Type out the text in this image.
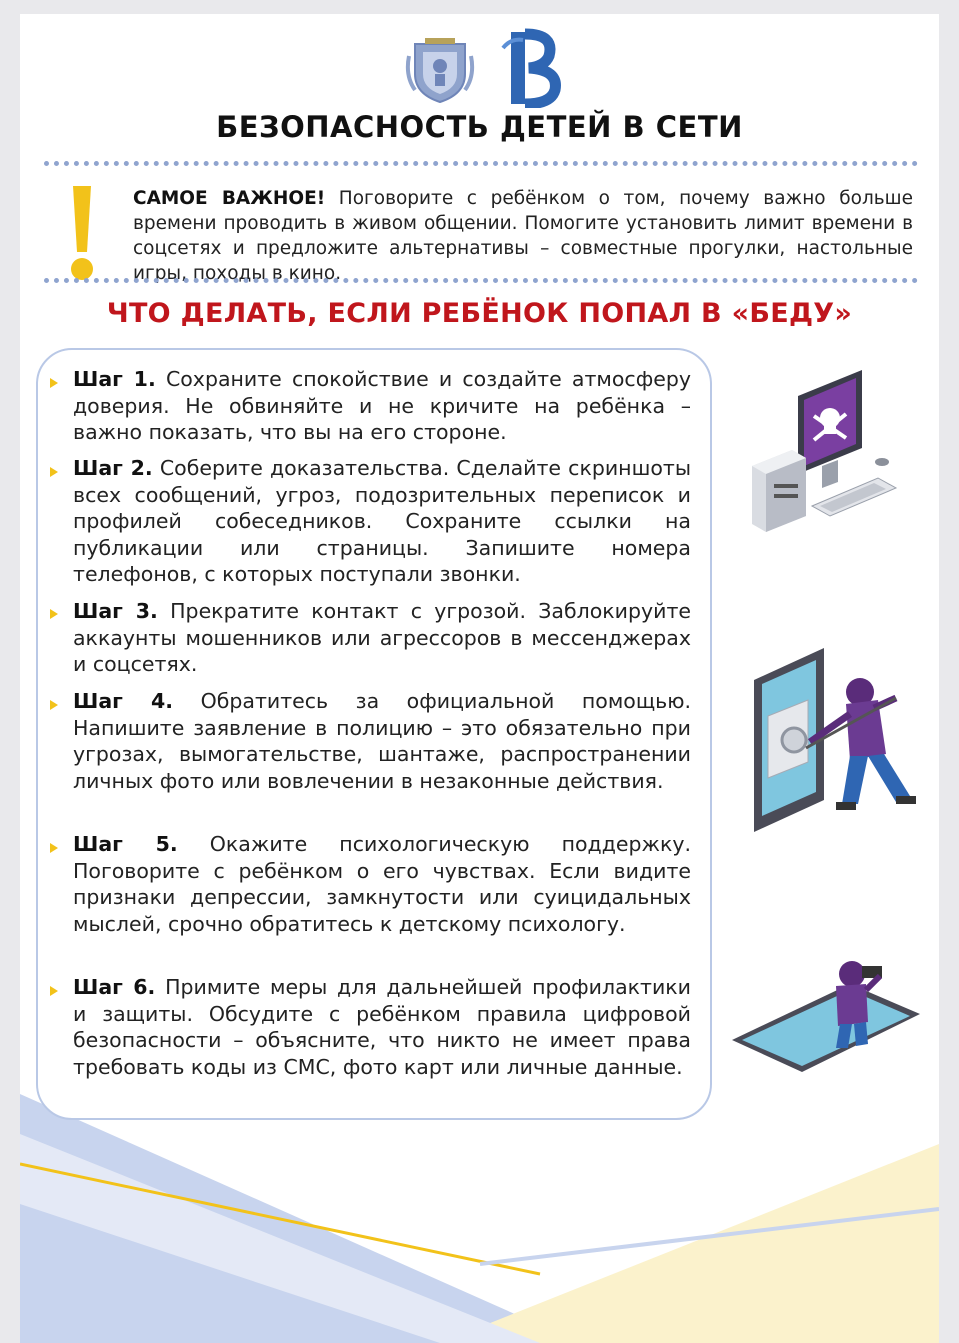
БЕЗОПАСНОСТЬ ДЕТЕЙ В СЕТИ
САМОЕ ВАЖНОЕ! Поговорите с ребёнком о том, почему важно больше времени проводить в живом общении. Помогите установить лимит времени в соцсетях и предложите альтернативы – совместные прогулки, настольные игры, походы в кино.
ЧТО ДЕЛАТЬ, ЕСЛИ РЕБЁНОК ПОПАЛ В «БЕДУ»
Шаг 1. Сохраните спокойствие и создайте атмосферу доверия. Не обвиняйте и не кричите на ребёнка – важно показать, что вы на его стороне.
Шаг 2. Соберите доказательства. Сделайте скриншоты всех сообщений, угроз, подозрительных переписок и профилей собеседников. Сохраните ссылки на публикации или страницы. Запишите номера телефонов, с которых поступали звонки.
Шаг 3. Прекратите контакт с угрозой. Заблокируйте аккаунты мошенников или агрессоров в мессенджерах и соцсетях.
Шаг 4. Обратитесь за официальной помощью. Напишите заявление в полицию – это обязательно при угрозах, вымогательстве, шантаже, распространении личных фото или вовлечении в незаконные действия.
Шаг 5. Окажите психологическую поддержку. Поговорите с ребёнком о его чувствах. Если видите признаки депрессии, замкнутости или суицидальных мыслей, срочно обратитесь к детскому психологу.
Шаг 6. Примите меры для дальнейшей профилактики и защиты. Обсудите с ребёнком правила цифровой безопасности – объясните, что никто не имеет права требовать коды из СМС, фото карт или личные данные.
